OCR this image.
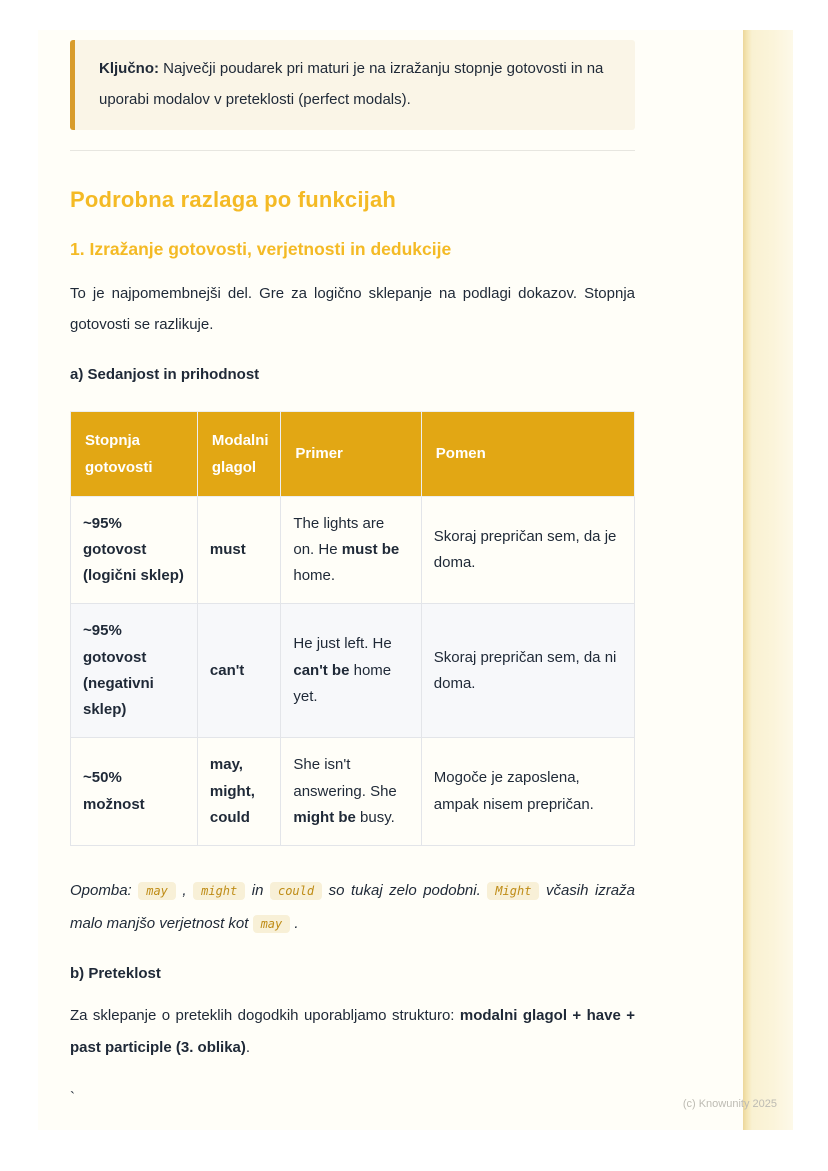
Ključno: Največji poudarek pri maturi je na izražanju stopnje gotovosti in na uporabi modalov v preteklosti (perfect modals).

Podrobna razlaga po funkcijah
1. Izražanje gotovosti, verjetnosti in dedukcije

To je najpomembnejši del. Gre za logično sklepanje na podlagi dokazov. Stopnja gotovosti se razlikuje.

a) Sedanjost in prihodnost

Stopnja gotovosti	Modalni glagol	Primer	Pomen
~95% gotovost (logični sklep)	must	The lights are on. He must be home.	Skoraj prepričan sem, da je doma.
~95% gotovost (negativni sklep)	can't	He just left. He can't be home yet.	Skoraj prepričan sem, da ni doma.
~50% možnost	may, might, could	She isn't answering. She might be busy.	Mogoče je zaposlena, ampak nisem prepričan.

Opomba: may , might in could so tukaj zelo podobni. Might včasih izraža malo manjšo verjetnost kot may .

b) Preteklost

Za sklepanje o preteklih dogodkih uporabljamo strukturo: modalni glagol + have + past participle (3. oblika).

`	(c) Knowunity 2025
